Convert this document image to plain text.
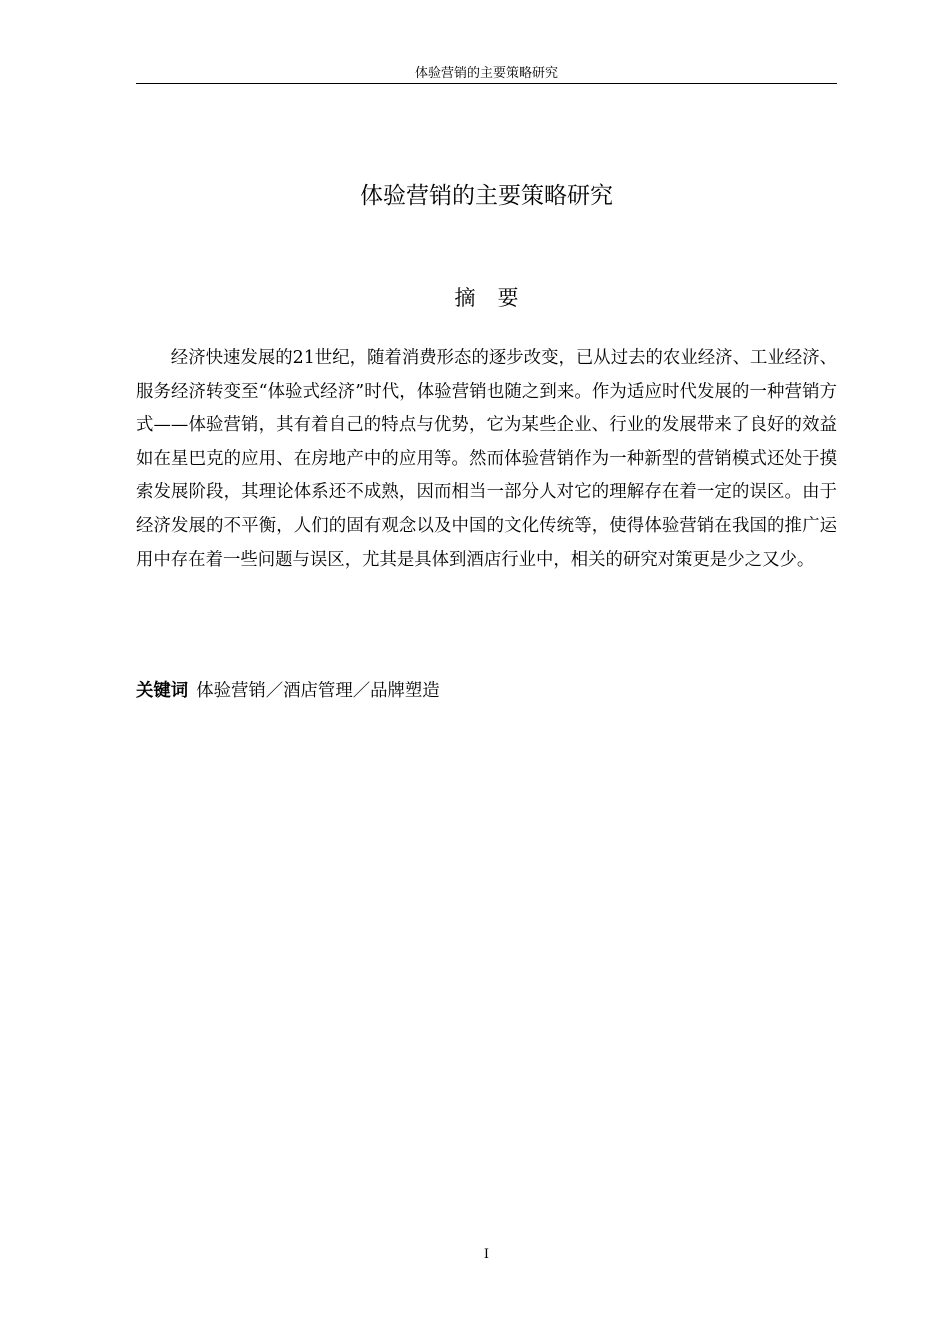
体验营销的主要策略研究
体验营销的主要策略研究
摘 要

经济快速发展的21世纪，随着消费形态的逐步改变，已从过去的农业经济、工业经济、服务经济转变至“体验式经济”时代，体验营销也随之到来。作为适应时代发展的一种营销方式——体验营销，其有着自己的特点与优势，它为某些企业、行业的发展带来了良好的效益如在星巴克的应用、在房地产中的应用等。然而体验营销作为一种新型的营销模式还处于摸索发展阶段，其理论体系还不成熟，因而相当一部分人对它的理解存在着一定的误区。由于经济发展的不平衡，人们的固有观念以及中国的文化传统等，使得体验营销在我国的推广运用中存在着一些问题与误区，尤其是具体到酒店行业中，相关的研究对策更是少之又少。

关键词 体验营销／酒店管理／品牌塑造

I
